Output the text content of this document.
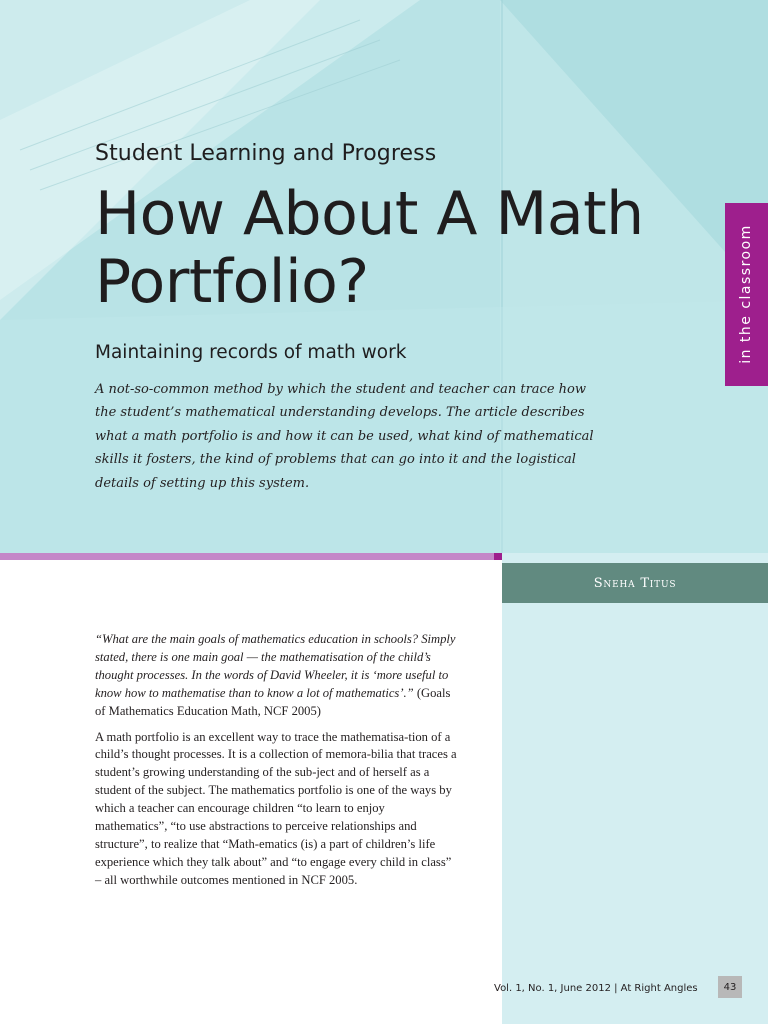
Student Learning and Progress
How About A Math Portfolio?
Maintaining records of math work

A not-so-common method by which the student and teacher can trace how the student’s mathematical understanding develops. The article describes what a math portfolio is and how it can be used, what kind of mathematical skills it fosters, the kind of problems that can go into it and the logistical details of setting up this system.

in the classroom
Sneha Titus

“What are the main goals of mathematics education in schools? Simply stated, there is one main goal — the mathematisation of the child’s thought processes. In the words of David Wheeler, it is ‘more useful to know how to mathematise than to know a lot of mathematics’.” (Goals of Mathematics Education Math, NCF 2005)

A math portfolio is an excellent way to trace the mathematisa-tion of a child’s thought processes. It is a collection of memora-bilia that traces a student’s growing understanding of the sub-ject and of herself as a student of the subject. The mathematics portfolio is one of the ways by which a teacher can encourage children “to learn to enjoy mathematics”, “to use abstractions to perceive relationships and structure”, to realize that “Math-ematics (is) a part of children’s life experience which they talk about” and “to engage every child in class” – all worthwhile outcomes mentioned in NCF 2005.

Vol. 1, No. 1, June 2012 | At Right Angles	43
